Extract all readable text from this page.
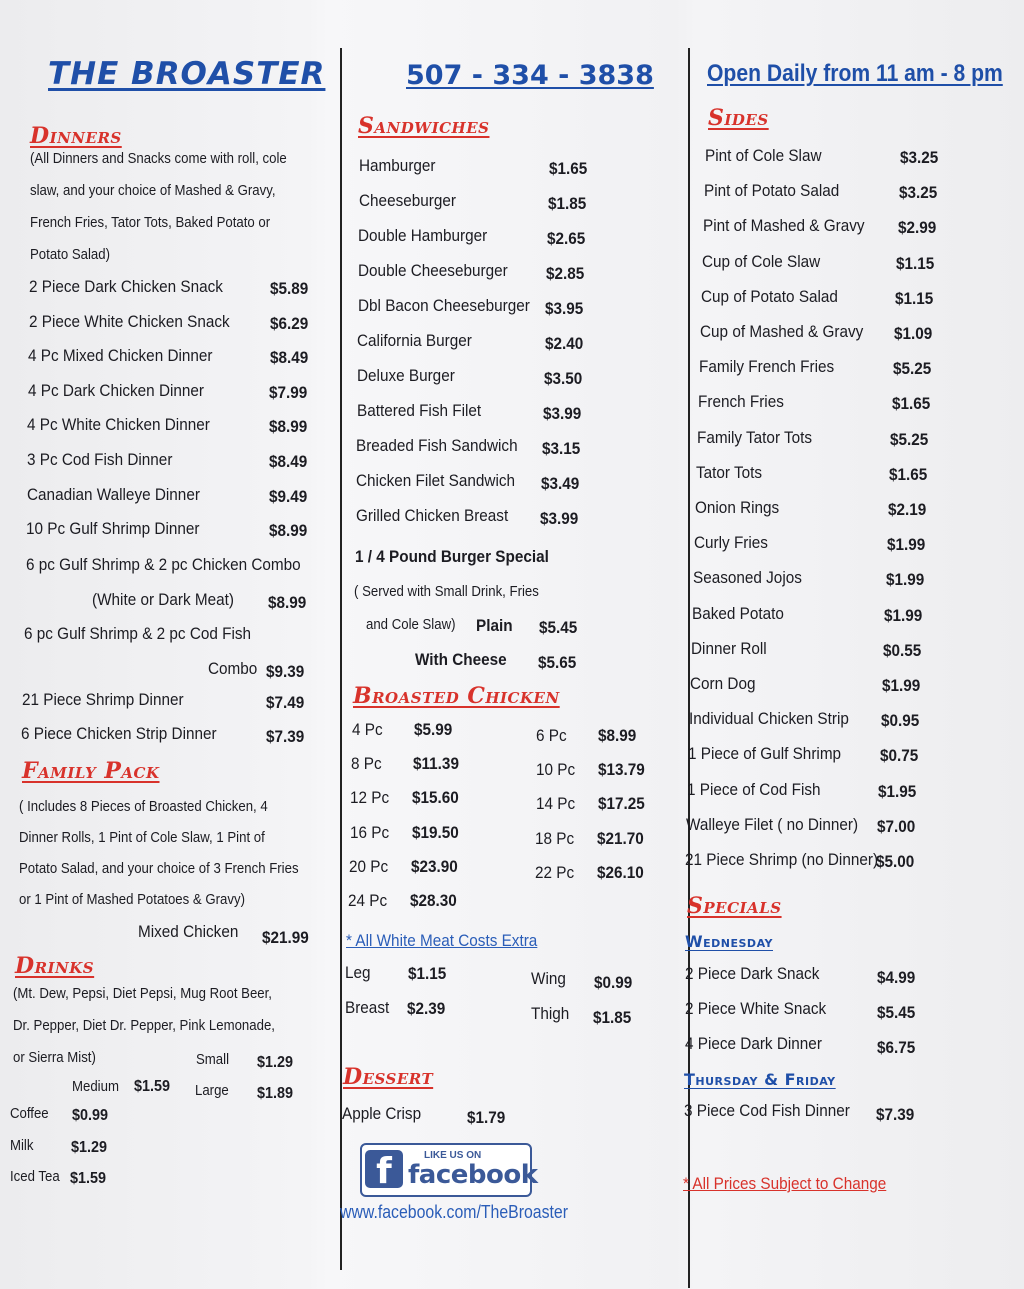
THE BROASTER
Dinners
(All Dinners and Snacks come with roll, cole
slaw, and your choice of Mashed & Gravy,
French Fries, Tator Tots, Baked Potato or
Potato Salad)
2 Piece Dark Chicken Snack	$5.89
2 Piece White Chicken Snack $6.29
4 Pc Mixed Chicken Dinner	$8.49
4 Pc Dark Chicken Dinner	$7.99
4 Pc White Chicken Dinner	$8.99
3 Pc Cod Fish Dinner	$8.49
Canadian Walleye Dinner	$9.49
10 Pc Gulf Shrimp Dinner	$8.99
6 pc Gulf Shrimp & 2 pc Chicken Combo
(White or Dark Meat) $8.99
6 pc Gulf Shrimp & 2 pc Cod Fish
Combo $9.39
21 Piece Shrimp Dinner	$7.49
6 Piece Chicken Strip Dinner	$7.39
Family Pack
( Includes 8 Pieces of Broasted Chicken, 4
Dinner Rolls, 1 Pint of Cole Slaw, 1 Pint of
Potato Salad, and your choice of 3 French Fries
or 1 Pint of Mashed Potatoes & Gravy)
Mixed Chicken $21.99
Drinks
(Mt. Dew, Pepsi, Diet Pepsi, Mug Root Beer,
Dr. Pepper, Diet Dr. Pepper, Pink Lemonade,
or Sierra Mist)	Small $1.29
Medium $1.59 Large $1.89
Coffee $0.99
Milk $1.29
Iced Tea $1.59
507 - 334 - 3838
Sandwiches
Hamburger	$1.65
Cheeseburger	$1.85
Double Hamburger	$2.65
Double Cheeseburger $2.85
Dbl Bacon Cheeseburger $3.95
California Burger	$2.40
Deluxe Burger	$3.50
Battered Fish Filet	$3.99
Breaded Fish Sandwich $3.15
Chicken Filet Sandwich $3.49
Grilled Chicken Breast $3.99
1 / 4 Pound Burger Special
( Served with Small Drink, Fries
and Cole Slaw) Plain $5.45
With Cheese $5.65
Broasted Chicken
4 Pc $5.99
8 Pc $11.39
12 Pc $15.60
16 Pc $19.50
20 Pc $23.90
24 Pc $28.30
6 Pc $8.99
10 Pc $13.79
14 Pc $17.25
18 Pc $21.70
22 Pc $26.10
* All White Meat Costs Extra
Leg $1.15	Wing $0.99
Breast $2.39	Thigh $1.85
Dessert
Apple Crisp	$1.79
f	LIKE US ON
facebook
www.facebook.com/TheBroaster
Open Daily from 11 am - 8 pm
Sides
Pint of Cole Slaw	$3.25
Pint of Potato Salad	$3.25
Pint of Mashed & Gravy $2.99
Cup of Cole Slaw	$1.15
Cup of Potato Salad	$1.15
Cup of Mashed & Gravy $1.09
Family French Fries	$5.25
French Fries	$1.65
Family Tator Tots	$5.25
Tator Tots	$1.65
Onion Rings	$2.19
Curly Fries	$1.99
Seasoned Jojos	$1.99
Baked Potato	$1.99
Dinner Roll	$0.55
Corn Dog	$1.99
Individual Chicken Strip $0.95
1 Piece of Gulf Shrimp $0.75
1 Piece of Cod Fish	$1.95
Walleye Filet ( no Dinner) $7.00
21 Piece Shrimp (no Dinner)
$5.00
Specials
Wednesday
2 Piece Dark Snack	$4.99
2 Piece White Snack	$5.45
4 Piece Dark Dinner	$6.75
Thursday & Friday
3 Piece Cod Fish Dinner $7.39
* All Prices Subject to Change
